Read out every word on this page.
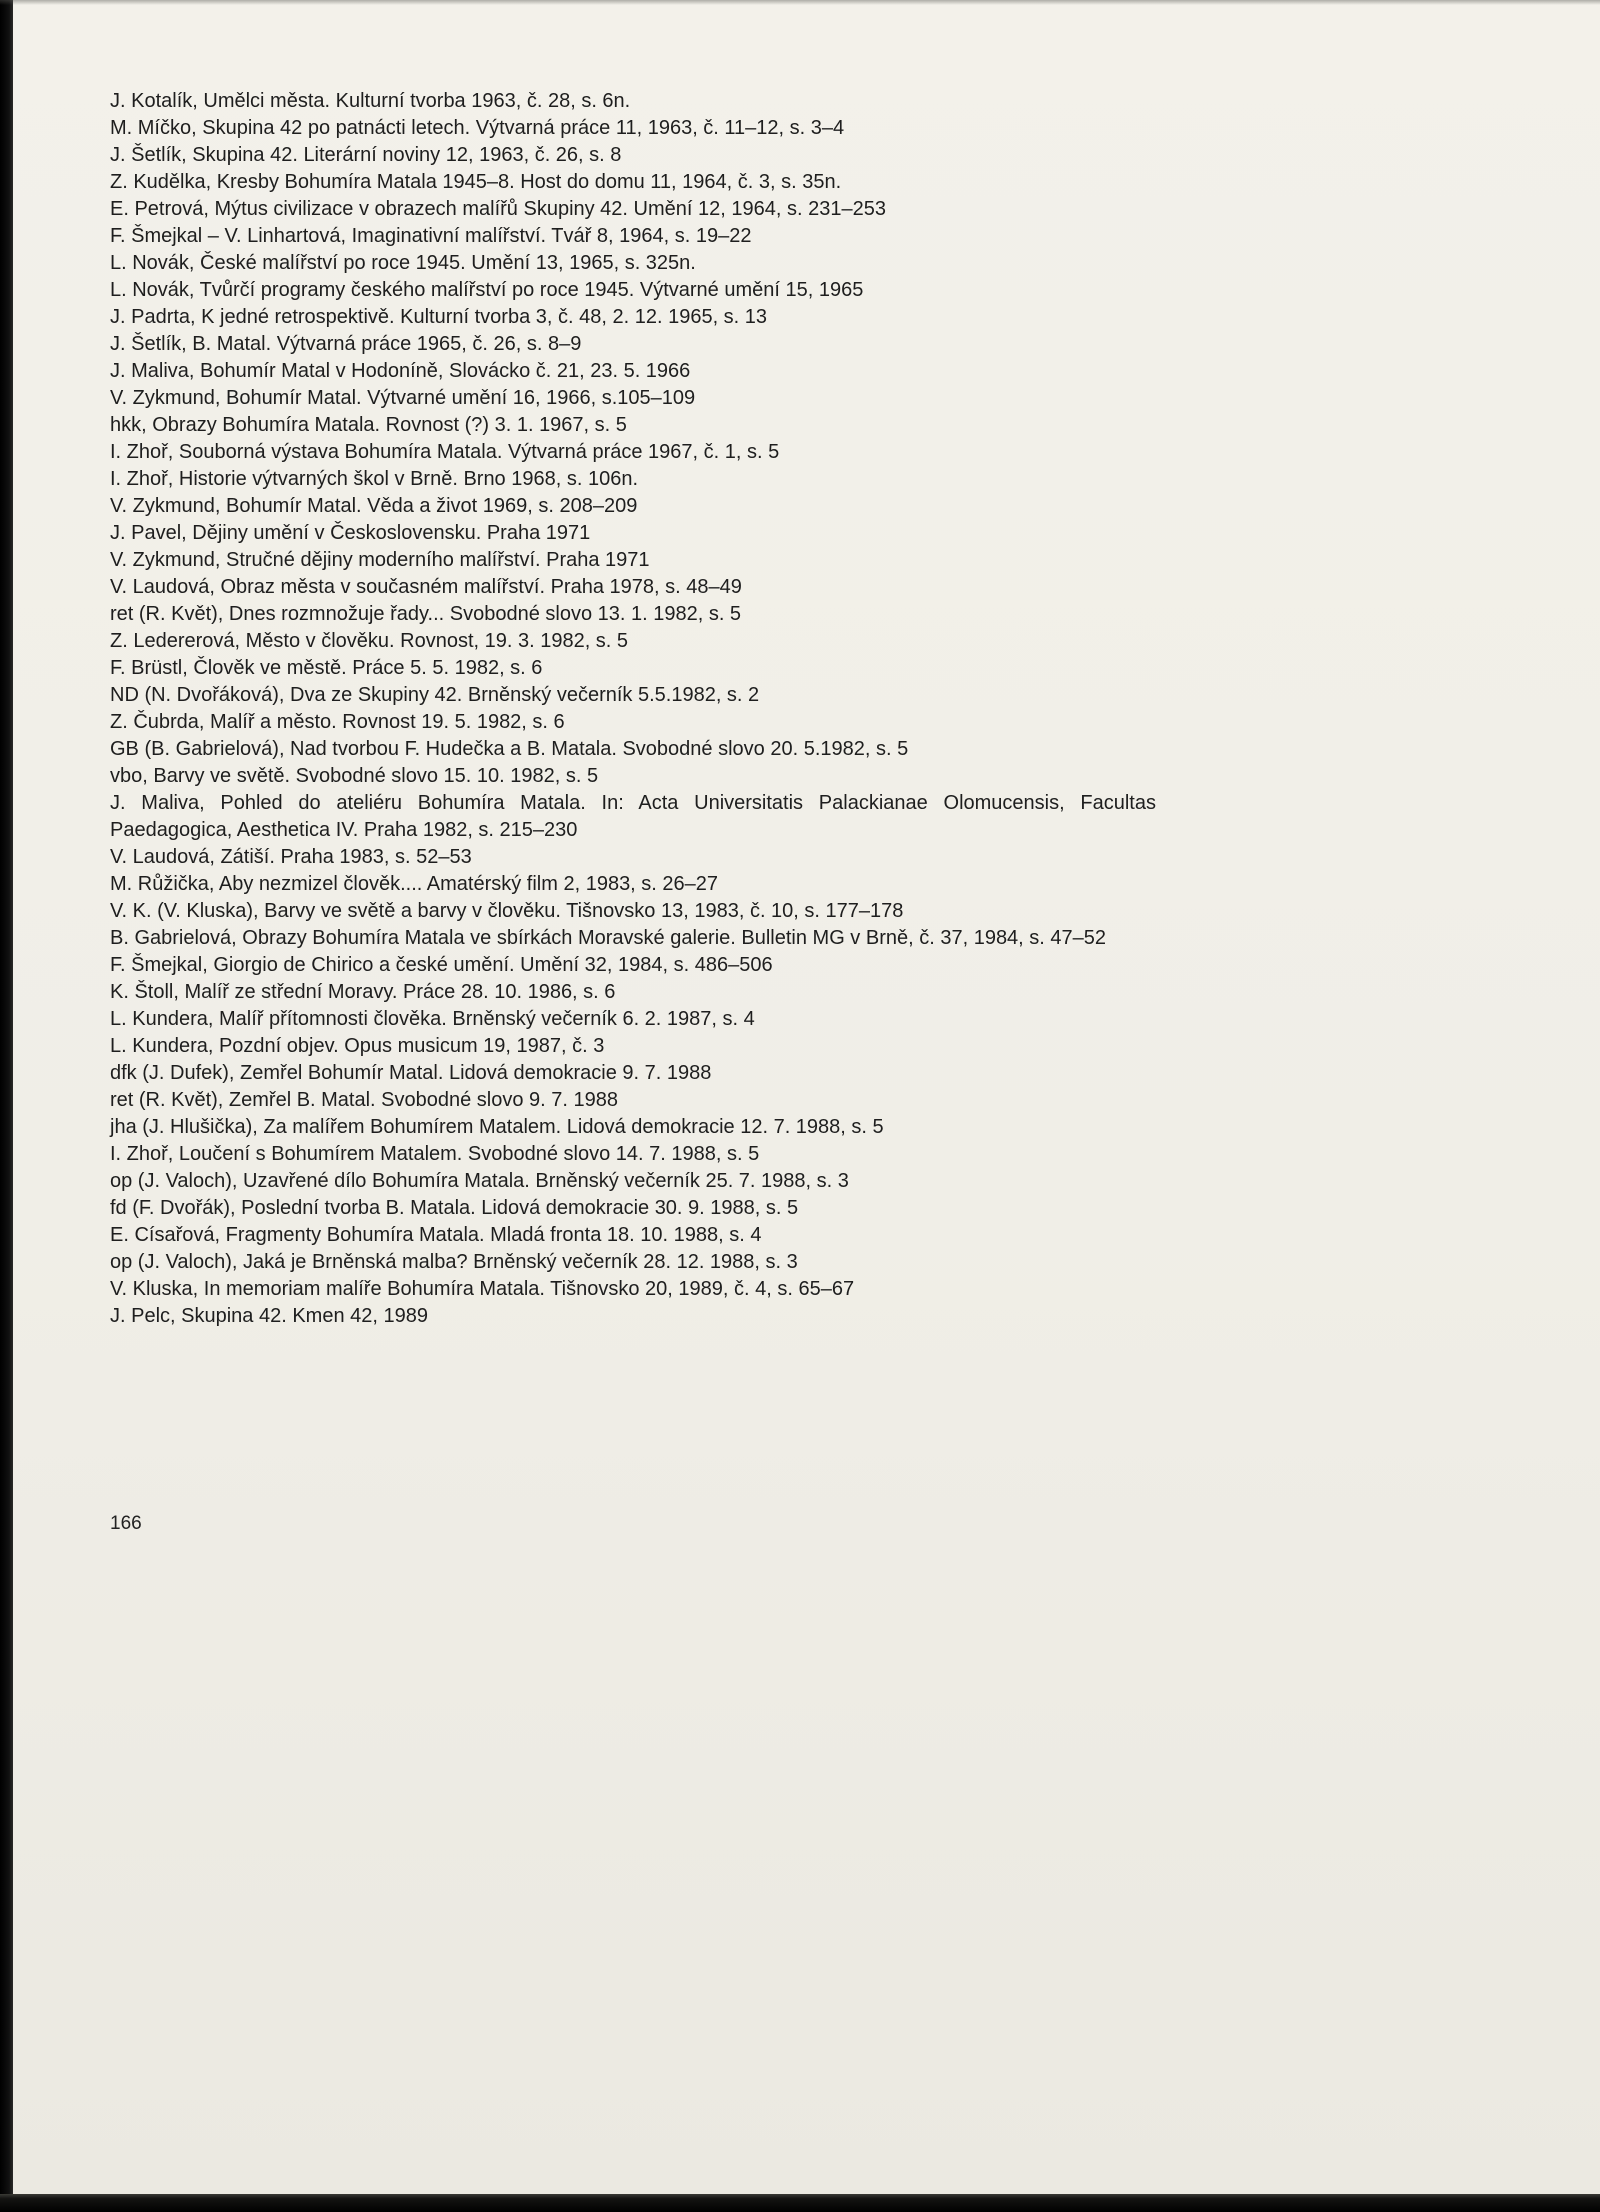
J. Kotalík, Umělci města. Kulturní tvorba 1963, č. 28, s. 6n.

M. Míčko, Skupina 42 po patnácti letech. Výtvarná práce 11, 1963, č. 11–12, s. 3–4

J. Šetlík, Skupina 42. Literární noviny 12, 1963, č. 26, s. 8

Z. Kudělka, Kresby Bohumíra Matala 1945–8. Host do domu 11, 1964, č. 3, s. 35n.

E. Petrová, Mýtus civilizace v obrazech malířů Skupiny 42. Umění 12, 1964, s. 231–253

F. Šmejkal – V. Linhartová, Imaginativní malířství. Tvář 8, 1964, s. 19–22

L. Novák, České malířství po roce 1945. Umění 13, 1965, s. 325n.

L. Novák, Tvůrčí programy českého malířství po roce 1945. Výtvarné umění 15, 1965

J. Padrta, K jedné retrospektivě. Kulturní tvorba 3, č. 48, 2. 12. 1965, s. 13

J. Šetlík, B. Matal. Výtvarná práce 1965, č. 26, s. 8–9

J. Maliva, Bohumír Matal v Hodoníně, Slovácko č. 21, 23. 5. 1966

V. Zykmund, Bohumír Matal. Výtvarné umění 16, 1966, s.105–109

hkk, Obrazy Bohumíra Matala. Rovnost (?) 3. 1. 1967, s. 5

I. Zhoř, Souborná výstava Bohumíra Matala. Výtvarná práce 1967, č. 1, s. 5

I. Zhoř, Historie výtvarných škol v Brně. Brno 1968, s. 106n.

V. Zykmund, Bohumír Matal. Věda a život 1969, s. 208–209

J. Pavel, Dějiny umění v Československu. Praha 1971

V. Zykmund, Stručné dějiny moderního malířství. Praha 1971

V. Laudová, Obraz města v současném malířství. Praha 1978, s. 48–49

ret (R. Květ), Dnes rozmnožuje řady... Svobodné slovo 13. 1. 1982, s. 5

Z. Ledererová, Město v člověku. Rovnost, 19. 3. 1982, s. 5

F. Brüstl, Člověk ve městě. Práce 5. 5. 1982, s. 6

ND (N. Dvořáková), Dva ze Skupiny 42. Brněnský večerník 5.5.1982, s. 2

Z. Čubrda, Malíř a město. Rovnost 19. 5. 1982, s. 6

GB (B. Gabrielová), Nad tvorbou F. Hudečka a B. Matala. Svobodné slovo 20. 5.1982, s. 5

vbo, Barvy ve světě. Svobodné slovo 15. 10. 1982, s. 5

J. Maliva, Pohled do ateliéru Bohumíra Matala. In: Acta Universitatis Palackianae Olomucensis, Facultas Paedagogica, Aesthetica IV. Praha 1982, s. 215–230

V. Laudová, Zátiší. Praha 1983, s. 52–53

M. Růžička, Aby nezmizel člověk.... Amatérský film 2, 1983, s. 26–27

V. K. (V. Kluska), Barvy ve světě a barvy v člověku. Tišnovsko 13, 1983, č. 10, s. 177–178

B. Gabrielová, Obrazy Bohumíra Matala ve sbírkách Moravské galerie. Bulletin MG v Brně, č. 37, 1984, s. 47–52

F. Šmejkal, Giorgio de Chirico a české umění. Umění 32, 1984, s. 486–506

K. Štoll, Malíř ze střední Moravy. Práce 28. 10. 1986, s. 6

L. Kundera, Malíř přítomnosti člověka. Brněnský večerník 6. 2. 1987, s. 4

L. Kundera, Pozdní objev. Opus musicum 19, 1987, č. 3

dfk (J. Dufek), Zemřel Bohumír Matal. Lidová demokracie 9. 7. 1988

ret (R. Květ), Zemřel B. Matal. Svobodné slovo 9. 7. 1988

jha (J. Hlušička), Za malířem Bohumírem Matalem. Lidová demokracie 12. 7. 1988, s. 5

I. Zhoř, Loučení s Bohumírem Matalem. Svobodné slovo 14. 7. 1988, s. 5

op (J. Valoch), Uzavřené dílo Bohumíra Matala. Brněnský večerník 25. 7. 1988, s. 3

fd (F. Dvořák), Poslední tvorba B. Matala. Lidová demokracie 30. 9. 1988, s. 5

E. Císařová, Fragmenty Bohumíra Matala. Mladá fronta 18. 10. 1988, s. 4

op (J. Valoch), Jaká je Brněnská malba? Brněnský večerník 28. 12. 1988, s. 3

V. Kluska, In memoriam malíře Bohumíra Matala. Tišnovsko 20, 1989, č. 4, s. 65–67

J. Pelc, Skupina 42. Kmen 42, 1989

166
